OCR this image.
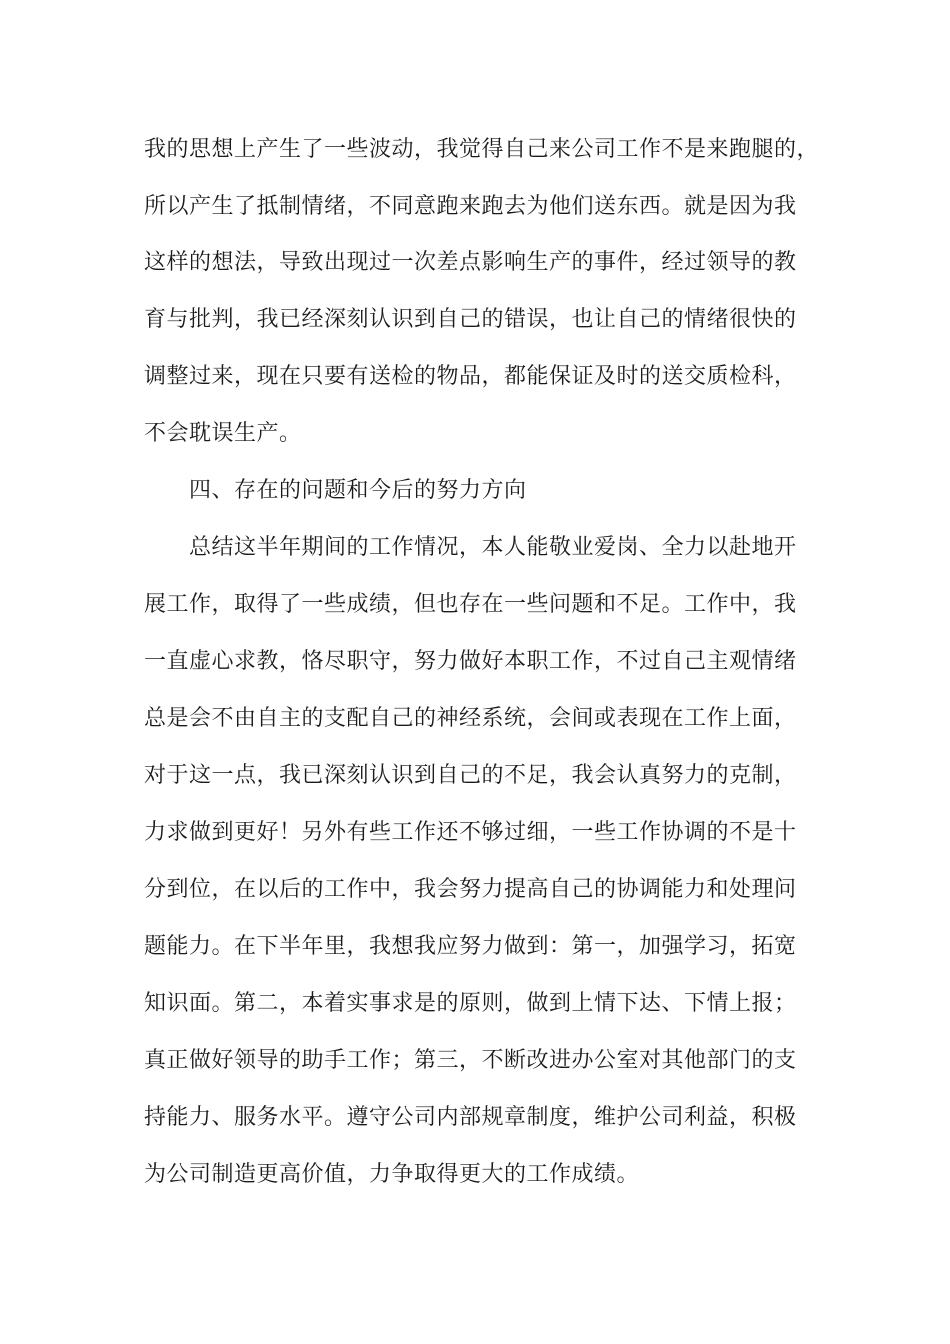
我的思想上产生了一些波动，我觉得自己来公司工作不是来跑腿的，
所以产生了抵制情绪，不同意跑来跑去为他们送东西。就是因为我
这样的想法，导致出现过一次差点影响生产的事件，经过领导的教
育与批判，我已经深刻认识到自己的错误，也让自己的情绪很快的
调整过来，现在只要有送检的物品，都能保证及时的送交质检科，
不会耽误生产。
四、存在的问题和今后的努力方向
总结这半年期间的工作情况，本人能敬业爱岗、全力以赴地开
展工作，取得了一些成绩，但也存在一些问题和不足。工作中，我
一直虚心求教，恪尽职守，努力做好本职工作，不过自己主观情绪
总是会不由自主的支配自己的神经系统，会间或表现在工作上面，
对于这一点，我已深刻认识到自己的不足，我会认真努力的克制，
力求做到更好！另外有些工作还不够过细，一些工作协调的不是十
分到位，在以后的工作中，我会努力提高自己的协调能力和处理问
题能力。在下半年里，我想我应努力做到：第一，加强学习，拓宽
知识面。第二，本着实事求是的原则，做到上情下达、下情上报；
真正做好领导的助手工作；第三，不断改进办公室对其他部门的支
持能力、服务水平。遵守公司内部规章制度，维护公司利益，积极
为公司制造更高价值，力争取得更大的工作成绩。
